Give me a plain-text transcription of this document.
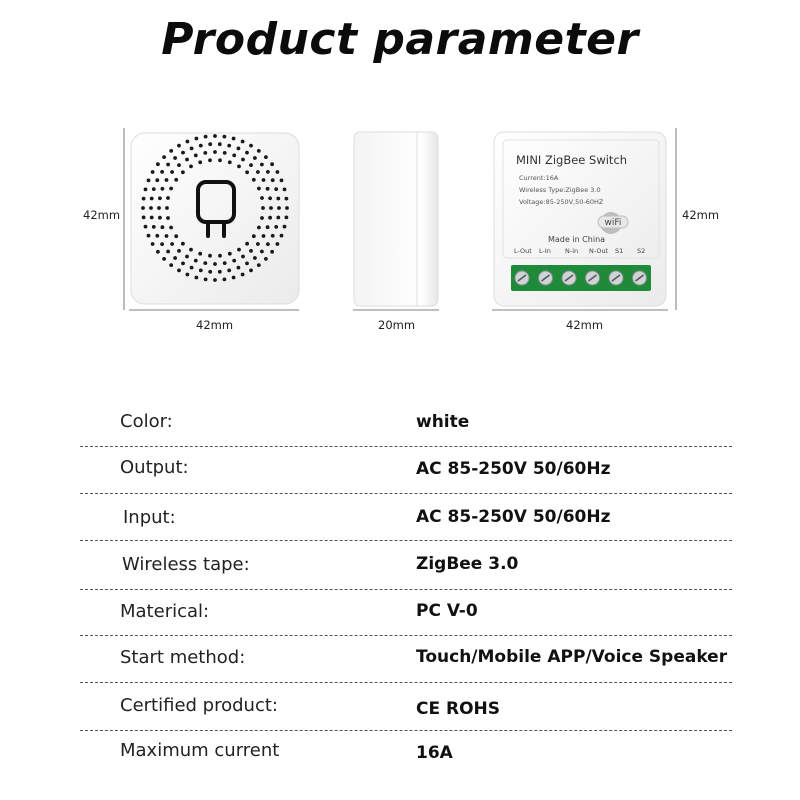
Product parameter
wiFi
42mm
42mm	20mm
42mm
42mm
MINI ZigBee Switch
Current:16A
Wireless Type:ZigBee 3.0
Voltage:85-250V,50-60HZ
Made in China
L-Out L-In N-in N-Out S1 S2
Color:	white
Output:	AC 85-250V 50/60Hz
Input:	AC 85-250V 50/60Hz
Wireless tape:	ZigBee 3.0
Materical:	PC V-0
Start method:	Touch/Mobile APP/Voice Speaker
Certified product:	CE ROHS
Maximum current	16A
